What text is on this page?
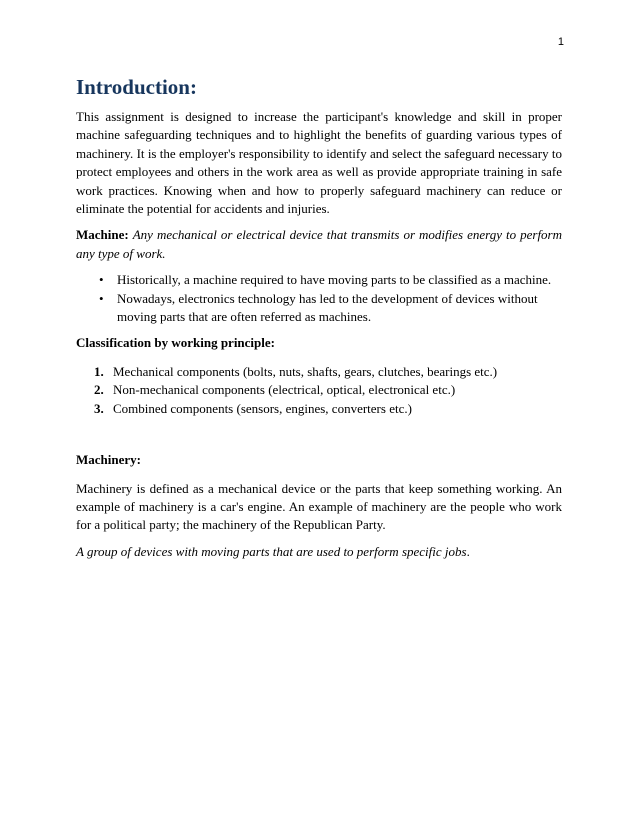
1
Introduction:

This assignment is designed to increase the participant's knowledge and skill in proper machine safeguarding techniques and to highlight the benefits of guarding various types of machinery. It is the employer's responsibility to identify and select the safeguard necessary to protect employees and others in the work area as well as provide appropriate training in safe work practices. Knowing when and how to properly safeguard machinery can reduce or eliminate the potential for accidents and injuries.

Machine: Any mechanical or electrical device that transmits or modifies energy to perform any type of work.

• Historically, a machine required to have moving parts to be classified as a machine.
• Nowadays, electronics technology has led to the development of devices without moving parts that are often referred as machines.
Classification by working principle:
1. Mechanical components (bolts, nuts, shafts, gears, clutches, bearings etc.)
2. Non-mechanical components (electrical, optical, electronical etc.)
3. Combined components (sensors, engines, converters etc.)
Machinery:

Machinery is defined as a mechanical device or the parts that keep something working. An example of machinery is a car's engine. An example of machinery are the people who work for a political party; the machinery of the Republican Party.

A group of devices with moving parts that are used to perform specific jobs.
